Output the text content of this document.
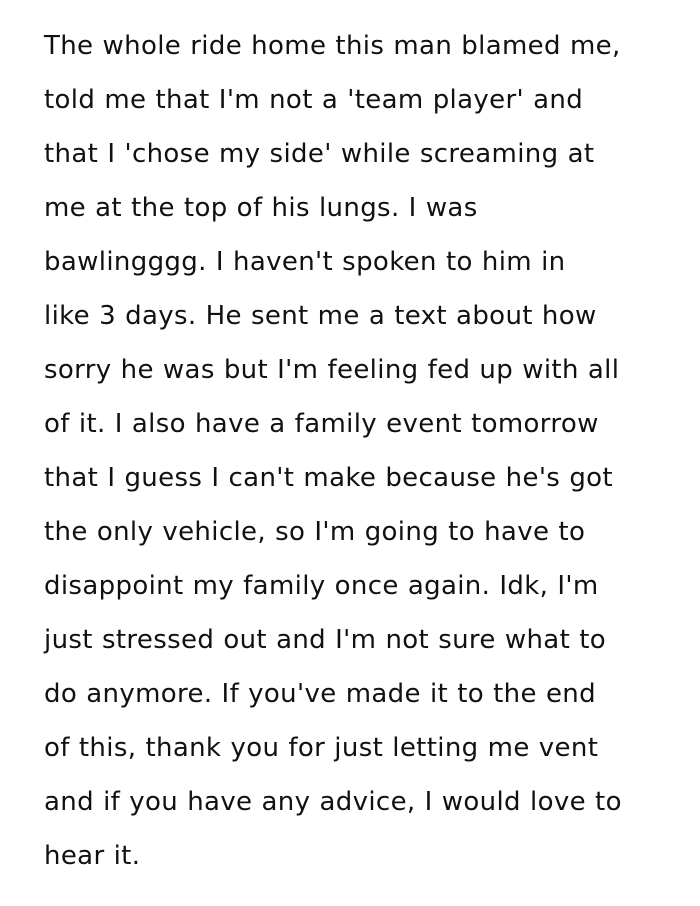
The whole ride home this man blamed me,
told me that I'm not a 'team player' and
that I 'chose my side' while screaming at
me at the top of his lungs. I was
bawlingggg. I haven't spoken to him in
like 3 days. He sent me a text about how
sorry he was but I'm feeling fed up with all
of it. I also have a family event tomorrow
that I guess I can't make because he's got
the only vehicle, so I'm going to have to
disappoint my family once again. Idk, I'm
just stressed out and I'm not sure what to
do anymore. If you've made it to the end
of this, thank you for just letting me vent
and if you have any advice, I would love to
hear it.
